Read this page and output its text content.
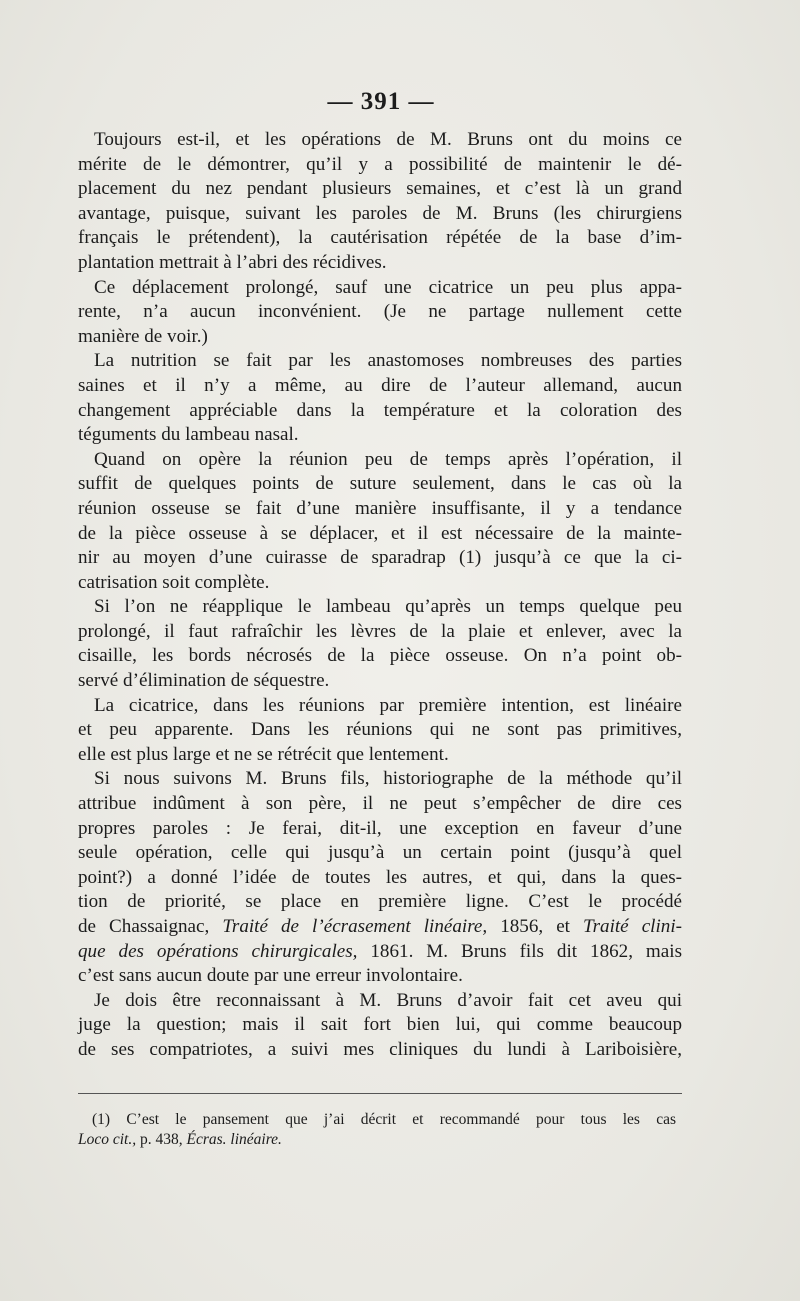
— 391 —
Toujours est-il, et les opérations de M. Bruns ont du moins ce
mérite de le démontrer, qu’il y a possibilité de maintenir le dé-
placement du nez pendant plusieurs semaines, et c’est là un grand
avantage, puisque, suivant les paroles de M. Bruns (les chirurgiens
français le prétendent), la cautérisation répétée de la base d’im-
plantation mettrait à l’abri des récidives.
Ce déplacement prolongé, sauf une cicatrice un peu plus appa-
rente, n’a aucun inconvénient. (Je ne partage nullement cette
manière de voir.)
La nutrition se fait par les anastomoses nombreuses des parties
saines et il n’y a même, au dire de l’auteur allemand, aucun
changement appréciable dans la température et la coloration des
téguments du lambeau nasal.
Quand on opère la réunion peu de temps après l’opération, il
suffit de quelques points de suture seulement, dans le cas où la
réunion osseuse se fait d’une manière insuffisante, il y a tendance
de la pièce osseuse à se déplacer, et il est nécessaire de la mainte-
nir au moyen d’une cuirasse de sparadrap (1) jusqu’à ce que la ci-
catrisation soit complète.
Si l’on ne réapplique le lambeau qu’après un temps quelque peu
prolongé, il faut rafraîchir les lèvres de la plaie et enlever, avec la
cisaille, les bords nécrosés de la pièce osseuse. On n’a point ob-
servé d’élimination de séquestre.
La cicatrice, dans les réunions par première intention, est linéaire
et peu apparente. Dans les réunions qui ne sont pas primitives,
elle est plus large et ne se rétrécit que lentement.
Si nous suivons M. Bruns fils, historiographe de la méthode qu’il
attribue indûment à son père, il ne peut s’empêcher de dire ces
propres paroles : Je ferai, dit-il, une exception en faveur d’une
seule opération, celle qui jusqu’à un certain point (jusqu’à quel
point?) a donné l’idée de toutes les autres, et qui, dans la ques-
tion de priorité, se place en première ligne. C’est le procédé
de Chassaignac, Traité de l’écrasement linéaire, 1856, et Traité clini-
que des opérations chirurgicales, 1861. M. Bruns fils dit 1862, mais
c’est sans aucun doute par une erreur involontaire.
Je dois être reconnaissant à M. Bruns d’avoir fait cet aveu qui
juge la question; mais il sait fort bien lui, qui comme beaucoup
de ses compatriotes, a suivi mes cliniques du lundi à Lariboisière,
(1) C’est le pansement que j’ai décrit et recommandé pour tous les cas
Loco cit., p. 438, Écras. linéaire.
